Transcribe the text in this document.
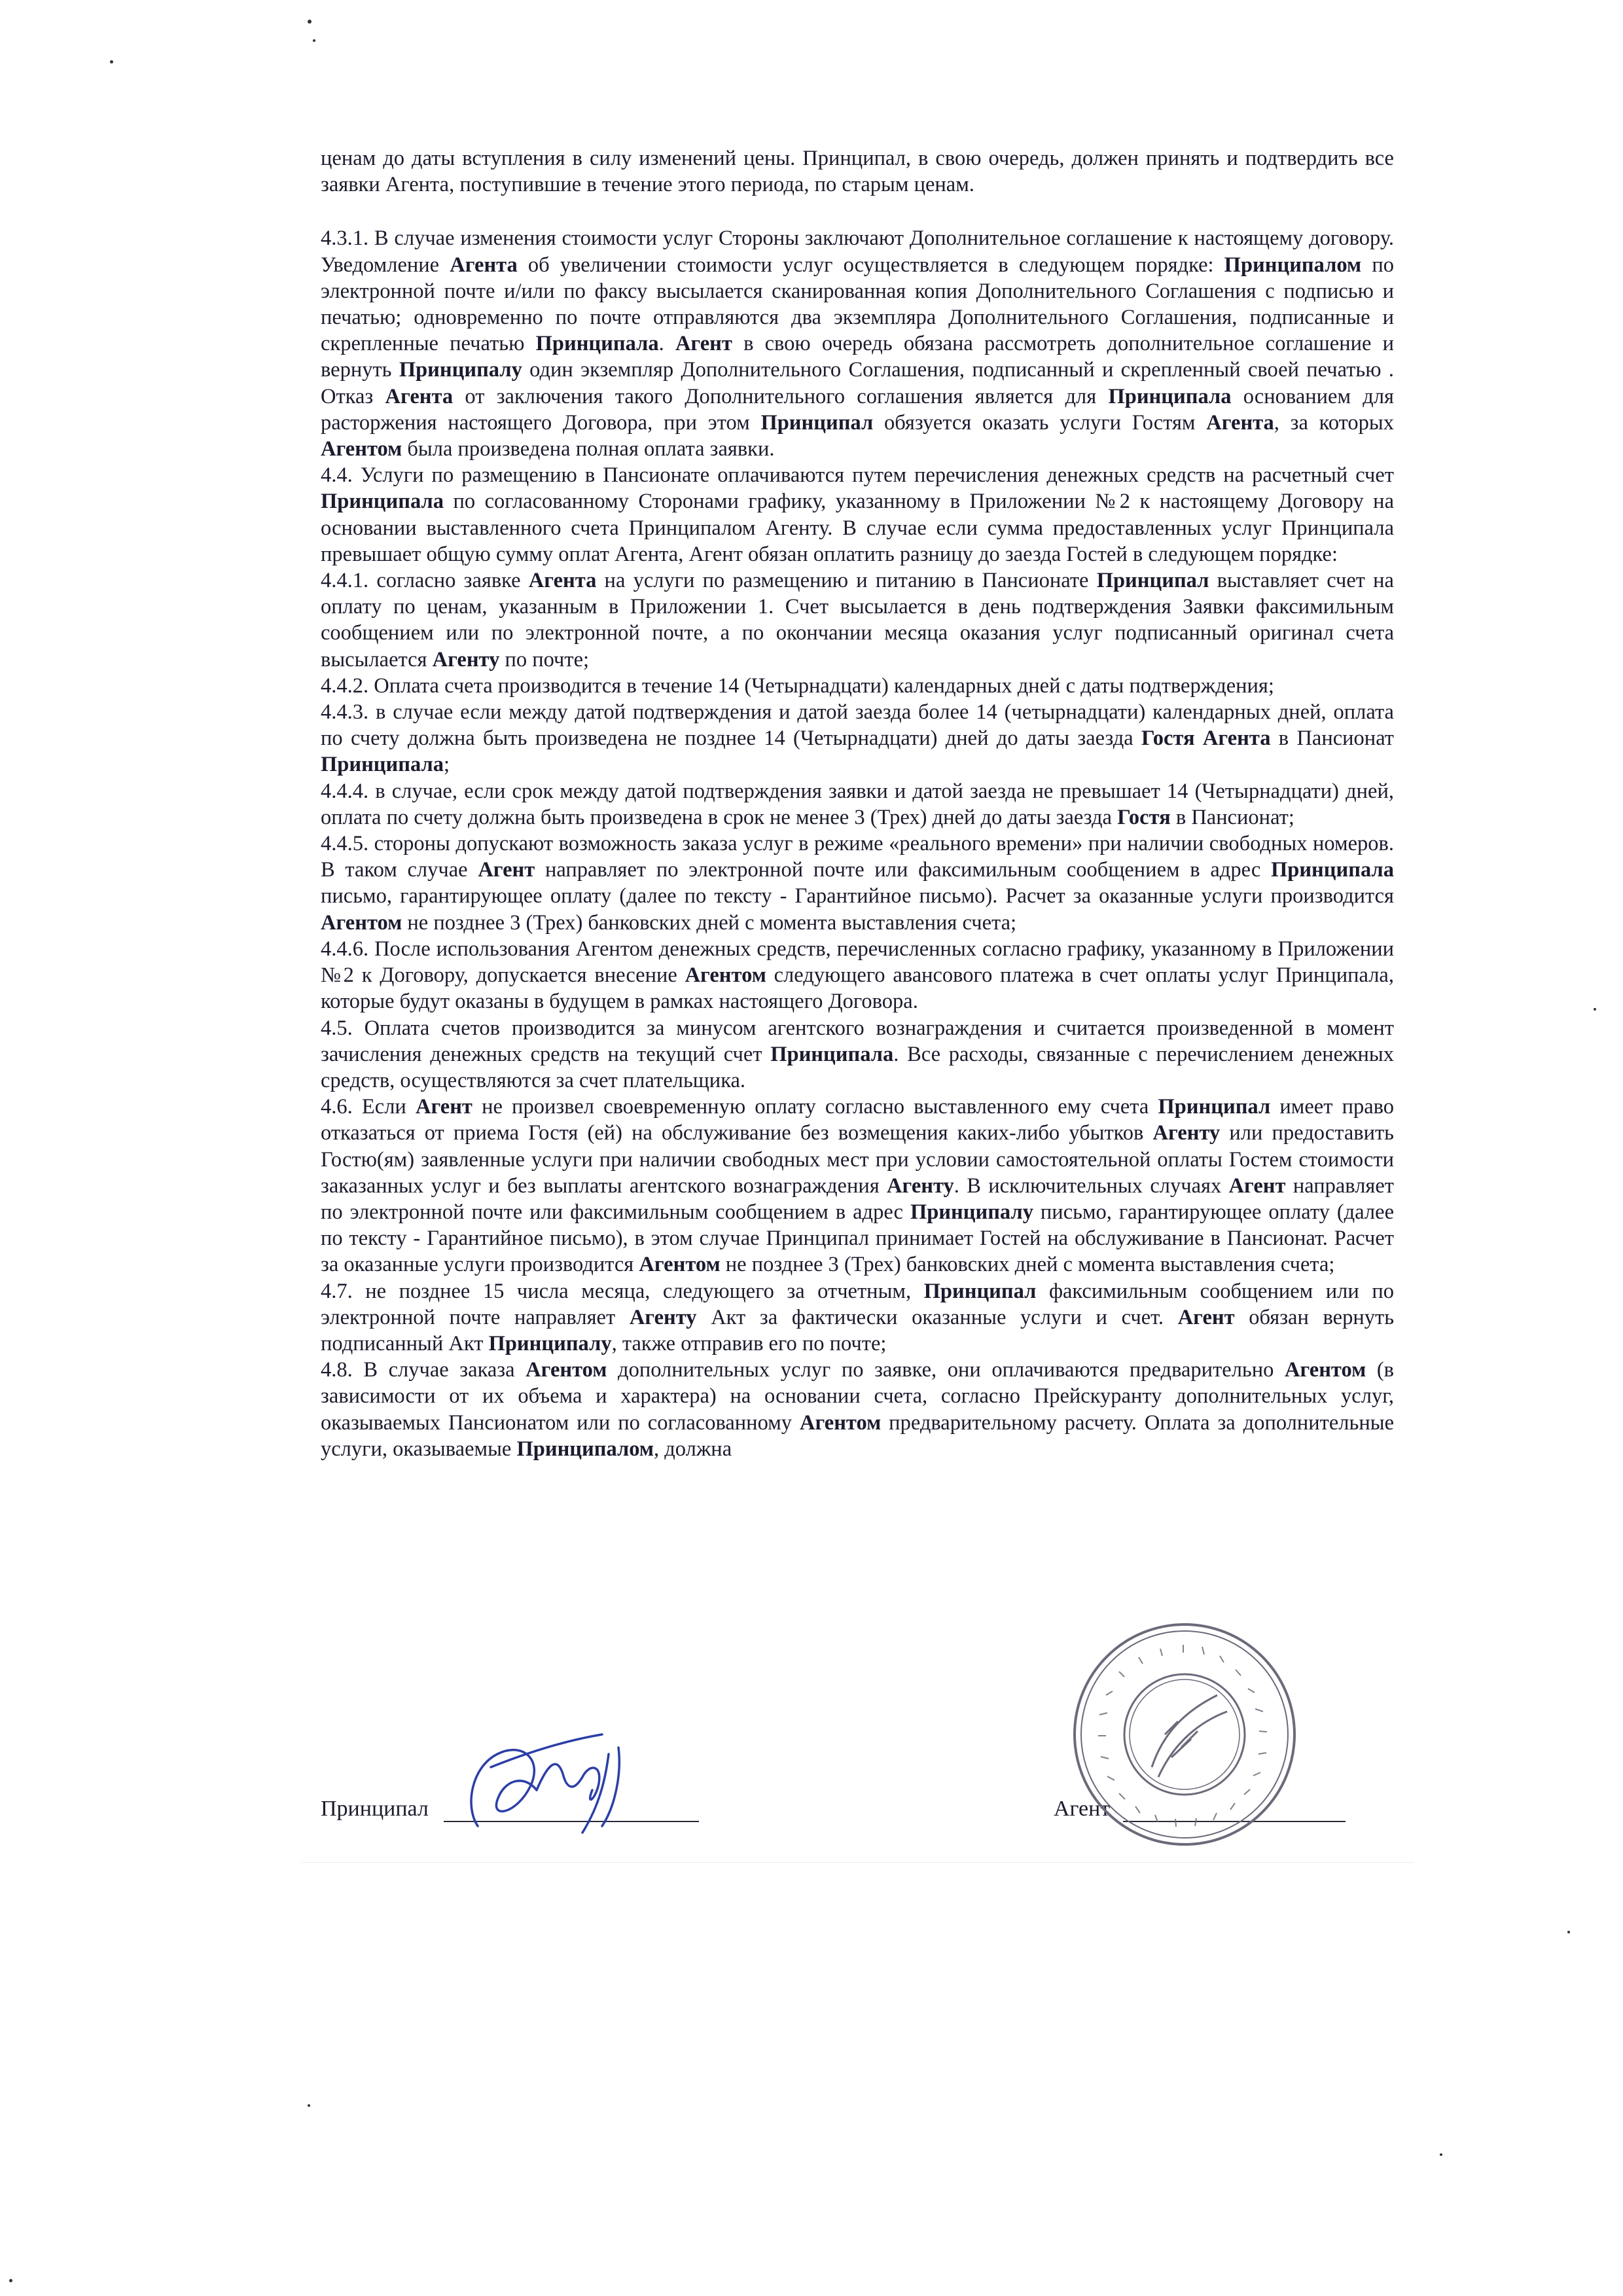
ценам до даты вступления в силу изменений цены. Принципал, в свою очередь, должен принять и подтвердить все заявки Агента, поступившие в течение этого периода, по старым ценам.

4.3.1. В случае изменения стоимости услуг Стороны заключают Дополнительное соглашение к настоящему договору. Уведомление Агента об увеличении стоимости услуг осуществляется в следующем порядке: Принципалом по электронной почте и/или по факсу высылается сканированная копия Дополнительного Соглашения с подписью и печатью; одновременно по почте отправляются два экземпляра Дополнительного Соглашения, подписанные и скрепленные печатью Принципала. Агент в свою очередь обязана рассмотреть дополнительное соглашение и вернуть Принципалу один экземпляр Дополнительного Соглашения, подписанный и скрепленный своей печатью . Отказ Агента от заключения такого Дополнительного соглашения является для Принципала основанием для расторжения настоящего Договора, при этом Принципал обязуется оказать услуги Гостям Агента, за которых Агентом была произведена полная оплата заявки.

4.4. Услуги по размещению в Пансионате оплачиваются путем перечисления денежных средств на расчетный счет Принципала по согласованному Сторонами графику, указанному в Приложении №2 к настоящему Договору на основании выставленного счета Принципалом Агенту. В случае если сумма предоставленных услуг Принципала превышает общую сумму оплат Агента, Агент обязан оплатить разницу до заезда Гостей в следующем порядке:

4.4.1. согласно заявке Агента на услуги по размещению и питанию в Пансионате Принципал выставляет счет на оплату по ценам, указанным в Приложении 1. Счет высылается в день подтверждения Заявки факсимильным сообщением или по электронной почте, а по окончании месяца оказания услуг подписанный оригинал счета высылается Агенту по почте;

4.4.2. Оплата счета производится в течение 14 (Четырнадцати) календарных дней с даты подтверждения;

4.4.3. в случае если между датой подтверждения и датой заезда более 14 (четырнадцати) календарных дней, оплата по счету должна быть произведена не позднее 14 (Четырнадцати) дней до даты заезда Гостя Агента в Пансионат Принципала;

4.4.4. в случае, если срок между датой подтверждения заявки и датой заезда не превышает 14 (Четырнадцати) дней, оплата по счету должна быть произведена в срок не менее 3 (Трех) дней до даты заезда Гостя в Пансионат;

4.4.5. стороны допускают возможность заказа услуг в режиме «реального времени» при наличии свободных номеров. В таком случае Агент направляет по электронной почте или факсимильным сообщением в адрес Принципала письмо, гарантирующее оплату (далее по тексту - Гарантийное письмо). Расчет за оказанные услуги производится Агентом не позднее 3 (Трех) банковских дней с момента выставления счета;

4.4.6. После использования Агентом денежных средств, перечисленных согласно графику, указанному в Приложении №2 к Договору, допускается внесение Агентом следующего авансового платежа в счет оплаты услуг Принципала, которые будут оказаны в будущем в рамках настоящего Договора.

4.5. Оплата счетов производится за минусом агентского вознаграждения и считается произведенной в момент зачисления денежных средств на текущий счет Принципала. Все расходы, связанные с перечислением денежных средств, осуществляются за счет плательщика.

4.6. Если Агент не произвел своевременную оплату согласно выставленного ему счета Принципал имеет право отказаться от приема Гостя (ей) на обслуживание без возмещения каких-либо убытков Агенту или предоставить Гостю(ям) заявленные услуги при наличии свободных мест при условии самостоятельной оплаты Гостем стоимости заказанных услуг и без выплаты агентского вознаграждения Агенту. В исключительных случаях Агент направляет по электронной почте или факсимильным сообщением в адрес Принципалу письмо, гарантирующее оплату (далее по тексту - Гарантийное письмо), в этом случае Принципал принимает Гостей на обслуживание в Пансионат. Расчет за оказанные услуги производится Агентом не позднее 3 (Трех) банковских дней с момента выставления счета;

4.7. не позднее 15 числа месяца, следующего за отчетным, Принципал факсимильным сообщением или по электронной почте направляет Агенту Акт за фактически оказанные услуги и счет. Агент обязан вернуть подписанный Акт Принципалу, также отправив его по почте;

4.8. В случае заказа Агентом дополнительных услуг по заявке, они оплачиваются предварительно Агентом (в зависимости от их объема и характера) на основании счета, согласно Прейскуранту дополнительных услуг, оказываемых Пансионатом или по согласованному Агентом предварительному расчету. Оплата за дополнительные услуги, оказываемые Принципалом, должна

Принципал	Агент
